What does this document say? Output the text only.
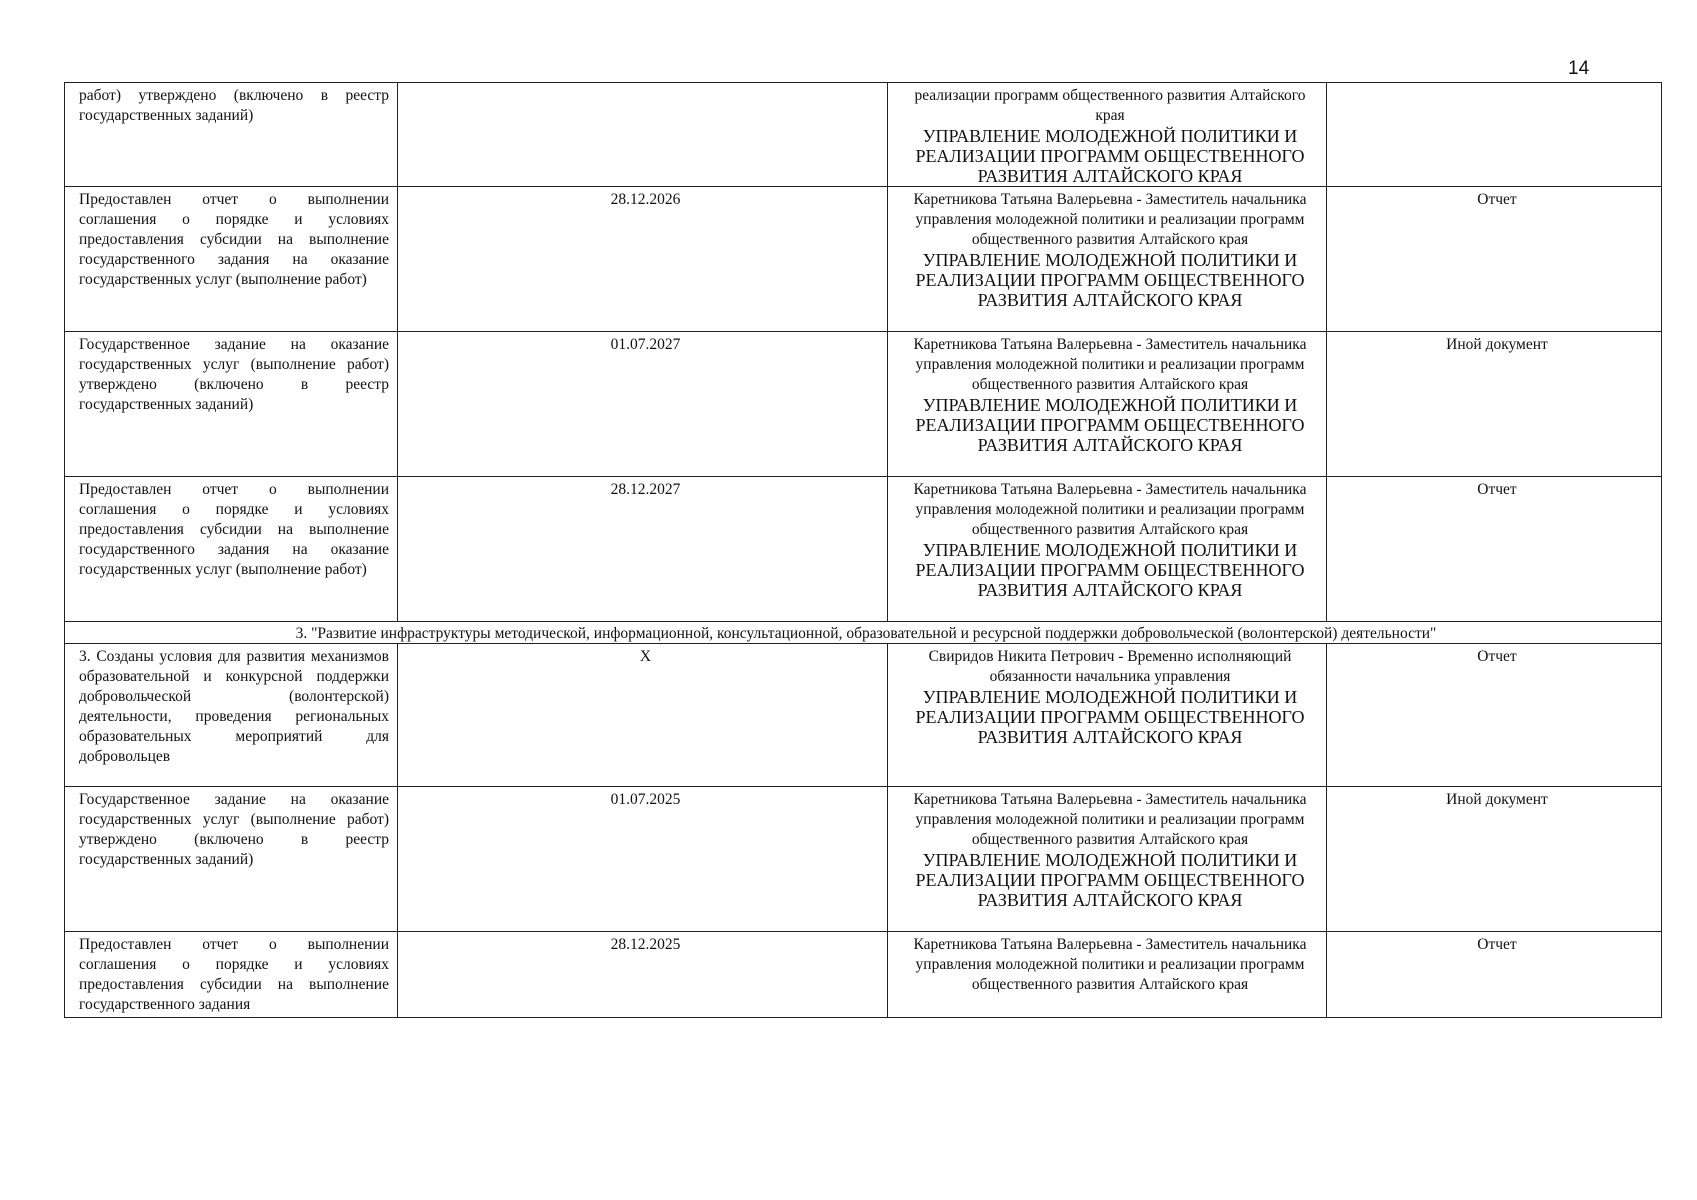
14
работ) утверждено (включено в реестр государственных заданий)		реализации программ общественного развития Алтайского края
УПРАВЛЕНИЕ МОЛОДЕЖНОЙ ПОЛИТИКИ И РЕАЛИЗАЦИИ ПРОГРАММ ОБЩЕСТВЕННОГО РАЗВИТИЯ АЛТАЙСКОГО КРАЯ	

Предоставлен отчет о выполнении соглашения о порядке и условиях предоставления субсидии на выполнение государственного задания на оказание государственных услуг (выполнение работ)	28.12.2026	Каретникова Татьяна Валерьевна - Заместитель начальника управления молодежной политики и реализации программ общественного развития Алтайского края
УПРАВЛЕНИЕ МОЛОДЕЖНОЙ ПОЛИТИКИ И РЕАЛИЗАЦИИ ПРОГРАММ ОБЩЕСТВЕННОГО РАЗВИТИЯ АЛТАЙСКОГО КРАЯ	Отчет
Государственное задание на оказание государственных услуг (выполнение работ) утверждено (включено в реестр государственных заданий)	01.07.2027	Каретникова Татьяна Валерьевна - Заместитель начальника управления молодежной политики и реализации программ общественного развития Алтайского края
УПРАВЛЕНИЕ МОЛОДЕЖНОЙ ПОЛИТИКИ И РЕАЛИЗАЦИИ ПРОГРАММ ОБЩЕСТВЕННОГО РАЗВИТИЯ АЛТАЙСКОГО КРАЯ	Иной документ
Предоставлен отчет о выполнении соглашения о порядке и условиях предоставления субсидии на выполнение государственного задания на оказание государственных услуг (выполнение работ)	28.12.2027	Каретникова Татьяна Валерьевна - Заместитель начальника управления молодежной политики и реализации программ общественного развития Алтайского края
УПРАВЛЕНИЕ МОЛОДЕЖНОЙ ПОЛИТИКИ И РЕАЛИЗАЦИИ ПРОГРАММ ОБЩЕСТВЕННОГО РАЗВИТИЯ АЛТАЙСКОГО КРАЯ	Отчет
3. "Развитие инфраструктуры методической, информационной, консультационной, образовательной и ресурсной поддержки добровольческой (волонтерской) деятельности"			
3. Созданы условия для развития механизмов образовательной и конкурсной поддержки добровольческой (волонтерской) деятельности, проведения региональных образовательных мероприятий для добровольцев	X	Свиридов Никита Петрович - Временно исполняющий обязанности начальника управления
УПРАВЛЕНИЕ МОЛОДЕЖНОЙ ПОЛИТИКИ И РЕАЛИЗАЦИИ ПРОГРАММ ОБЩЕСТВЕННОГО РАЗВИТИЯ АЛТАЙСКОГО КРАЯ	Отчет
Государственное задание на оказание государственных услуг (выполнение работ) утверждено (включено в реестр государственных заданий)	01.07.2025	Каретникова Татьяна Валерьевна - Заместитель начальника управления молодежной политики и реализации программ общественного развития Алтайского края
УПРАВЛЕНИЕ МОЛОДЕЖНОЙ ПОЛИТИКИ И РЕАЛИЗАЦИИ ПРОГРАММ ОБЩЕСТВЕННОГО РАЗВИТИЯ АЛТАЙСКОГО КРАЯ	Иной документ
Предоставлен отчет о выполнении соглашения о порядке и условиях предоставления субсидии на выполнение государственного задания	28.12.2025	Каретникова Татьяна Валерьевна - Заместитель начальника управления молодежной политики и реализации программ общественного развития Алтайского края	Отчет
